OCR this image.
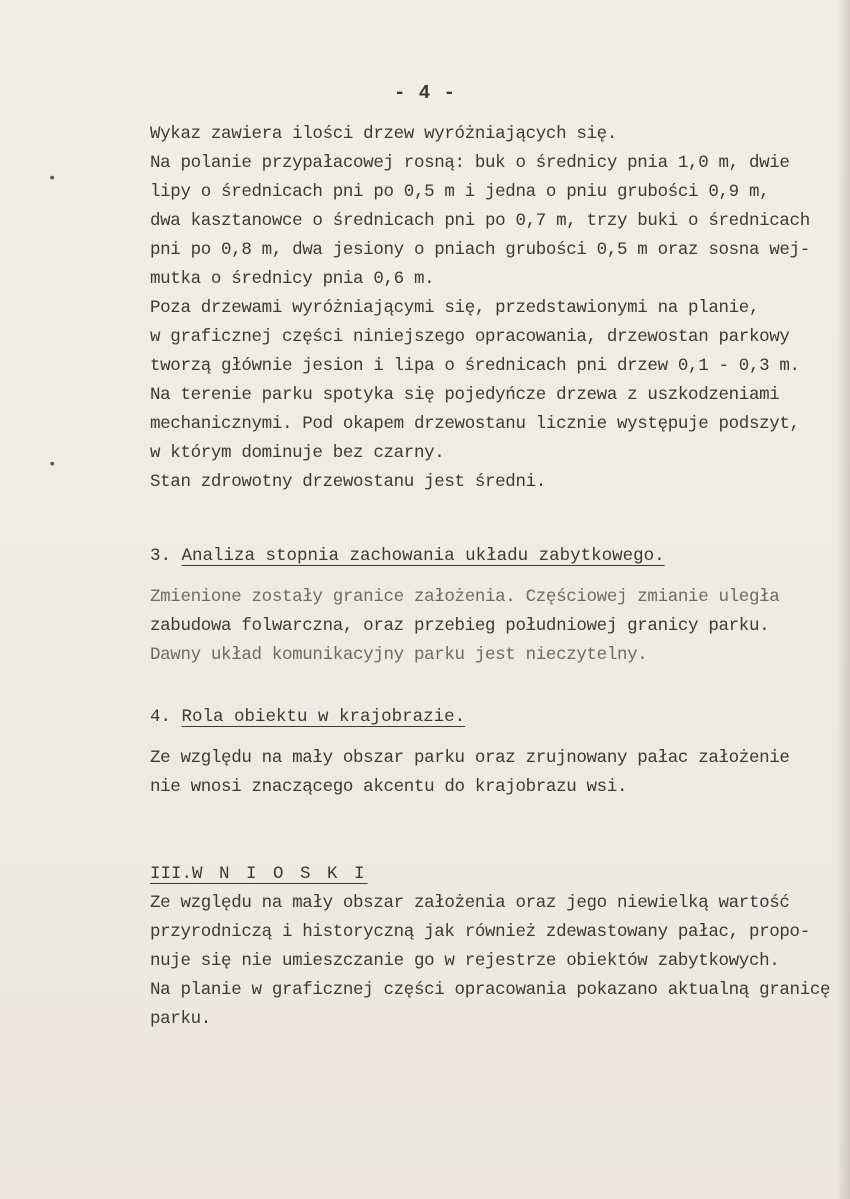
•
•
- 4 -
Wykaz zawiera ilości drzew wyróżniających się.
Na polanie przypałacowej rosną: buk o średnicy pnia 1,0 m, dwie
lipy o średnicach pni po 0,5 m i jedna o pniu grubości 0,9 m,
dwa kasztanowce o średnicach pni po 0,7 m, trzy buki o średnicach
pni po 0,8 m, dwa jesiony o pniach grubości 0,5 m oraz sosna wej-
mutka o średnicy pnia 0,6 m.
Poza drzewami wyróżniającymi się, przedstawionymi na planie,
w graficznej części niniejszego opracowania, drzewostan parkowy
tworzą głównie jesion i lipa o średnicach pni drzew 0,1 - 0,3 m.
Na terenie parku spotyka się pojedyńcze drzewa z uszkodzeniami
mechanicznymi. Pod okapem drzewostanu licznie występuje podszyt,
w którym dominuje bez czarny.
Stan zdrowotny drzewostanu jest średni.
3. Analiza stopnia zachowania układu zabytkowego.
Zmienione zostały granice założenia. Częściowej zmianie uległa
zabudowa folwarczna, oraz przebieg południowej granicy parku.
Dawny układ komunikacyjny parku jest nieczytelny.
4. Rola obiektu w krajobrazie.
Ze względu na mały obszar parku oraz zrujnowany pałac założenie
nie wnosi znaczącego akcentu do krajobrazu wsi.
III.W N I O S K I
Ze względu na mały obszar założenia oraz jego niewielką wartość
przyrodniczą i historyczną jak również zdewastowany pałac, propo-
nuje się nie umieszczanie go w rejestrze obiektów zabytkowych.
Na planie w graficznej części opracowania pokazano aktualną granicę
parku.
